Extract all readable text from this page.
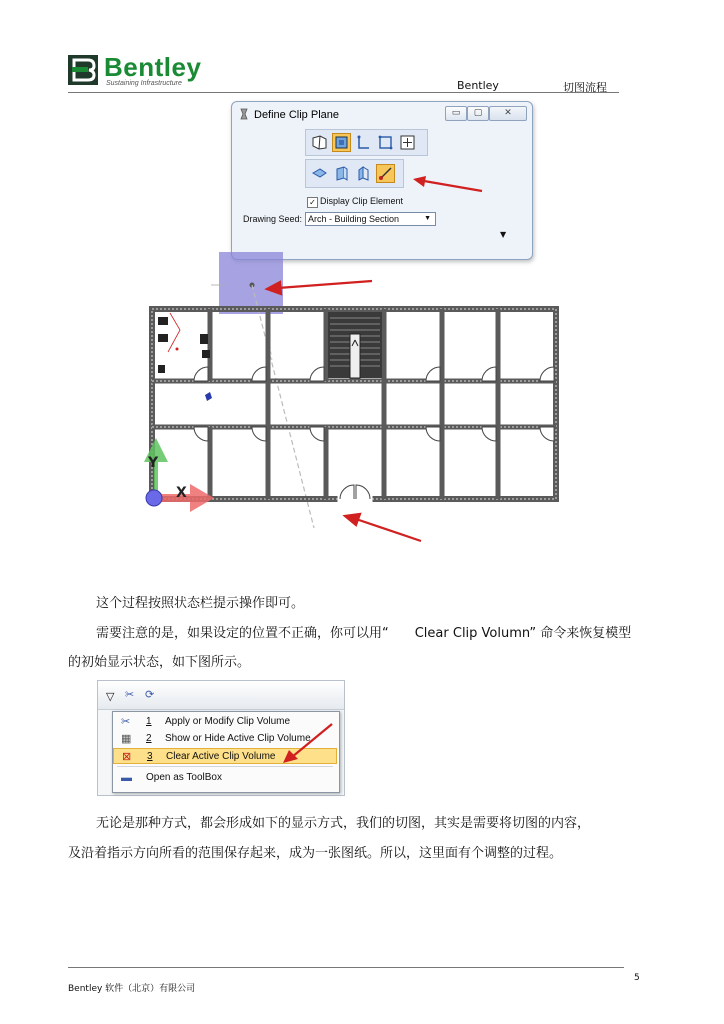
Bentley
Sustaining Infrastructure	Bentley	切图流程
Define Clip Plane	▭	▢	✕
✓ Display Clip Element
Drawing Seed: Arch - Building Section	▼
▼
Y
X
这个过程按照状态栏提示操作即可。
需要注意的是，如果设定的位置不正确，你可以用“　　Clear Clip Volumn” 命令来恢复模型
的初始显示状态，如下图所示。
▽ ✂ ⟳
✂	1 Apply or Modify Clip Volume
▦ 2 Show or Hide Active Clip Volume
⊠	3 Clear Active Clip Volume
▬ Open as ToolBox
无论是那种方式，都会形成如下的显示方式，我们的切图，其实是需要将切图的内容，
及沿着指示方向所看的范围保存起来，成为一张图纸。所以，这里面有个调整的过程。
5
Bentley 软件（北京）有限公司
